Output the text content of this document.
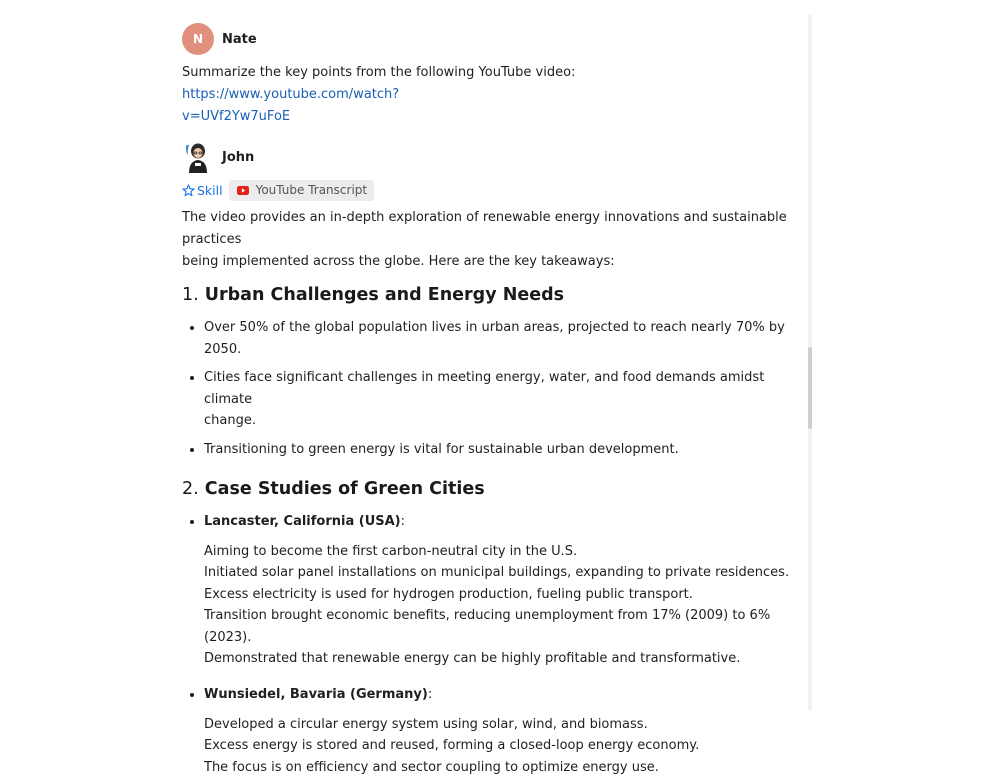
N	Nate
Summarize the key points from the following YouTube video: https://www.youtube.com/watch?
v=UVf2Yw7uFoE
John
Skill	YouTube Transcript
The video provides an in-depth exploration of renewable energy innovations and sustainable practices
being implemented across the globe. Here are the key takeaways:
1. Urban Challenges and Energy Needs
• Over 50% of the global population lives in urban areas, projected to reach nearly 70% by 2050.
• Cities face significant challenges in meeting energy, water, and food demands amidst climate
change.
• Transitioning to green energy is vital for sustainable urban development.
2. Case Studies of Green Cities
• Lancaster, California (USA):
Aiming to become the first carbon-neutral city in the U.S.
Initiated solar panel installations on municipal buildings, expanding to private residences.
Excess electricity is used for hydrogen production, fueling public transport.
Transition brought economic benefits, reducing unemployment from 17% (2009) to 6% (2023).
Demonstrated that renewable energy can be highly profitable and transformative.
• Wunsiedel, Bavaria (Germany):
Developed a circular energy system using solar, wind, and biomass.
Excess energy is stored and reused, forming a closed-loop energy economy.
The focus is on efficiency and sector coupling to optimize energy use.
